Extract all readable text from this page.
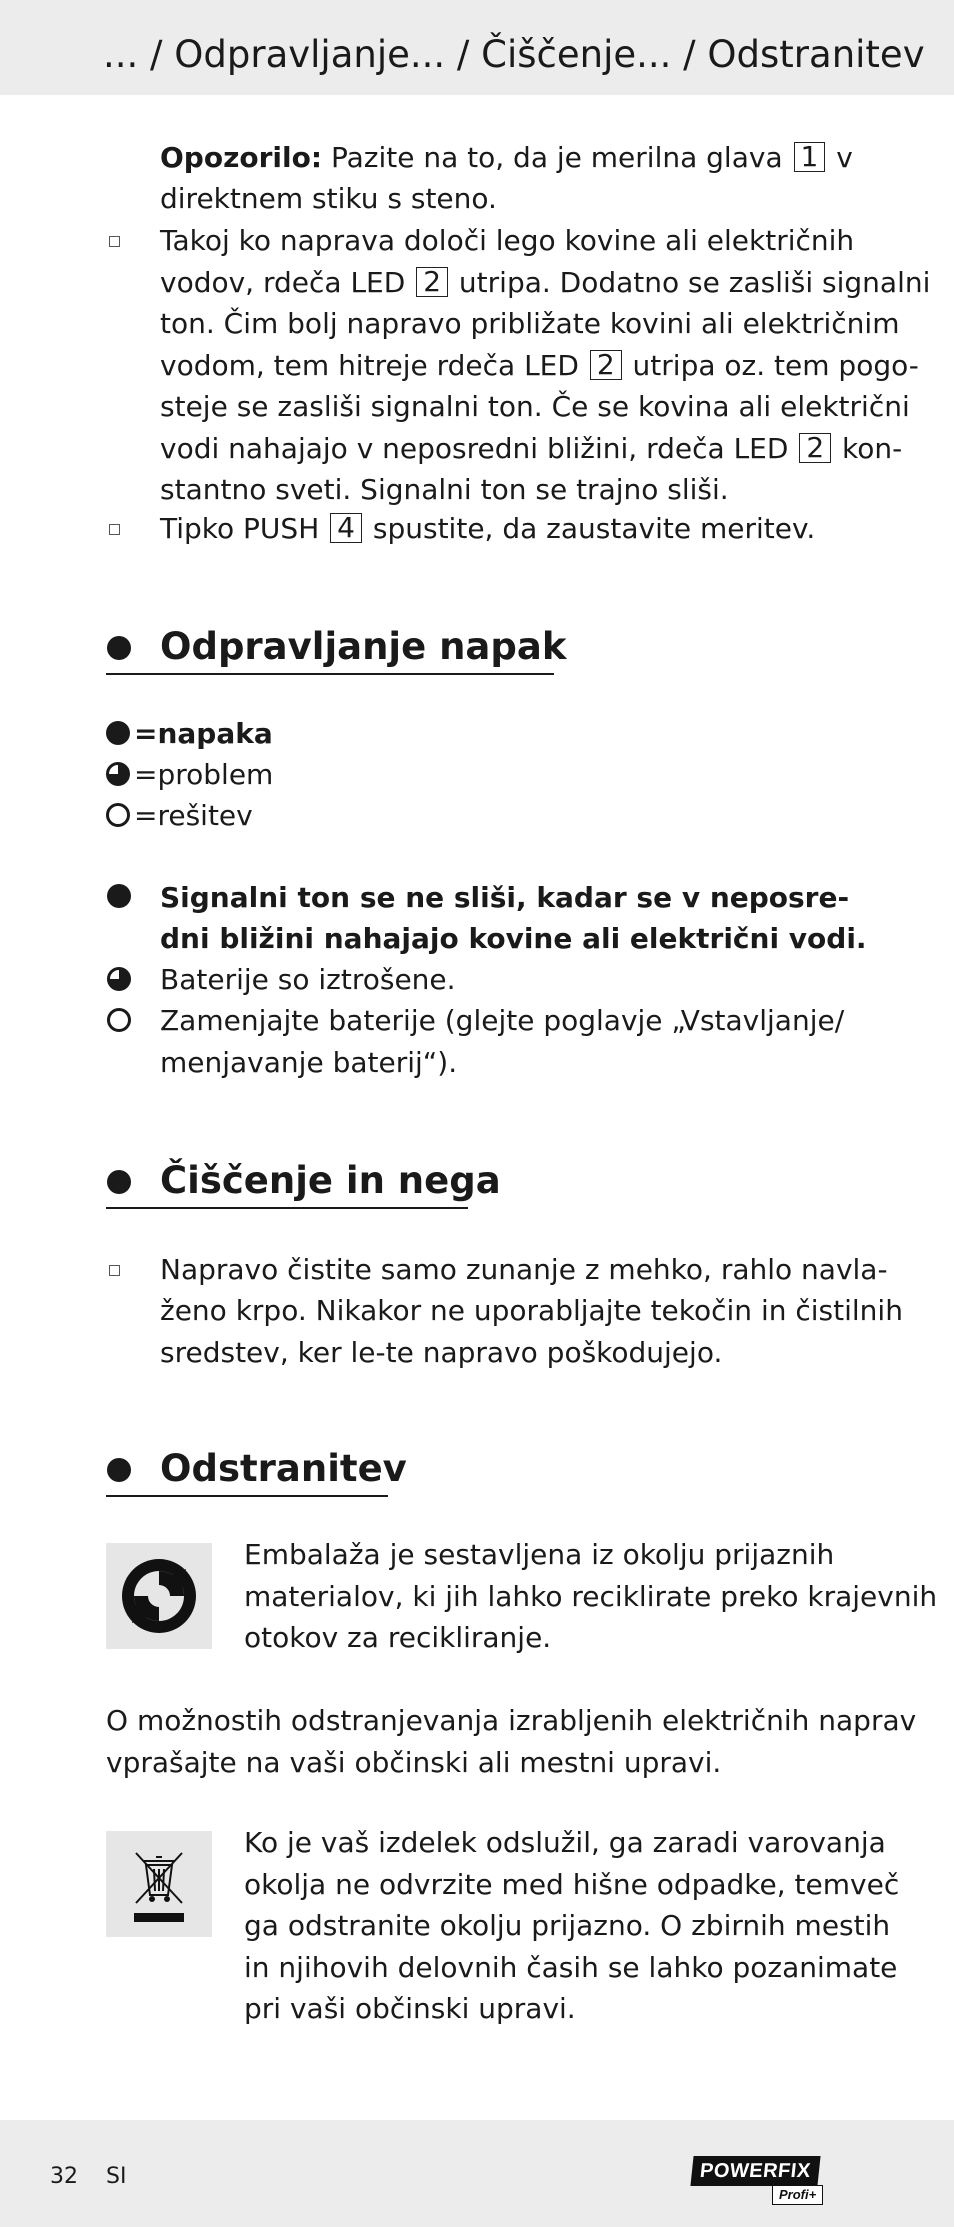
... / Odpravljanje... / Čiščenje... / Odstranitev
Opozorilo: Pazite na to, da je merilna glava 1 v
direktnem stiku s steno.
Takoj ko naprava določi lego kovine ali električnih
vodov, rdeča LED 2 utripa. Dodatno se zasliši signalni
ton. Čim bolj napravo približate kovini ali električnim
vodom, tem hitreje rdeča LED 2 utripa oz. tem pogo-
steje se zasliši signalni ton. Če se kovina ali električni
vodi nahajajo v neposredni bližini, rdeča LED 2 kon-
stantno sveti. Signalni ton se trajno sliši.
Tipko PUSH 4 spustite, da zaustavite meritev.
Odpravljanje napak
=napaka
=problem
=rešitev
Signalni ton se ne sliši, kadar se v neposre-
dni bližini nahajajo kovine ali električni vodi.
Baterije so iztrošene.
Zamenjajte baterije (glejte poglavje „Vstavljanje/
menjavanje baterij“).
Čiščenje in nega
Napravo čistite samo zunanje z mehko, rahlo navla-
ženo krpo. Nikakor ne uporabljajte tekočin in čistilnih
sredstev, ker le-te napravo poškodujejo.
Odstranitev
Embalaža je sestavljena iz okolju prijaznih
materialov, ki jih lahko reciklirate preko krajevnih
otokov za recikliranje.
O možnostih odstranjevanja izrabljenih električnih naprav
vprašajte na vaši občinski ali mestni upravi.
Ko je vaš izdelek odslužil, ga zaradi varovanja
okolja ne odvrzite med hišne odpadke, temveč
ga odstranite okolju prijazno. O zbirnih mestih
in njihovih delovnih časih se lahko pozanimate
pri vaši občinski upravi.
32 SI	POWERFIX
Profi+
